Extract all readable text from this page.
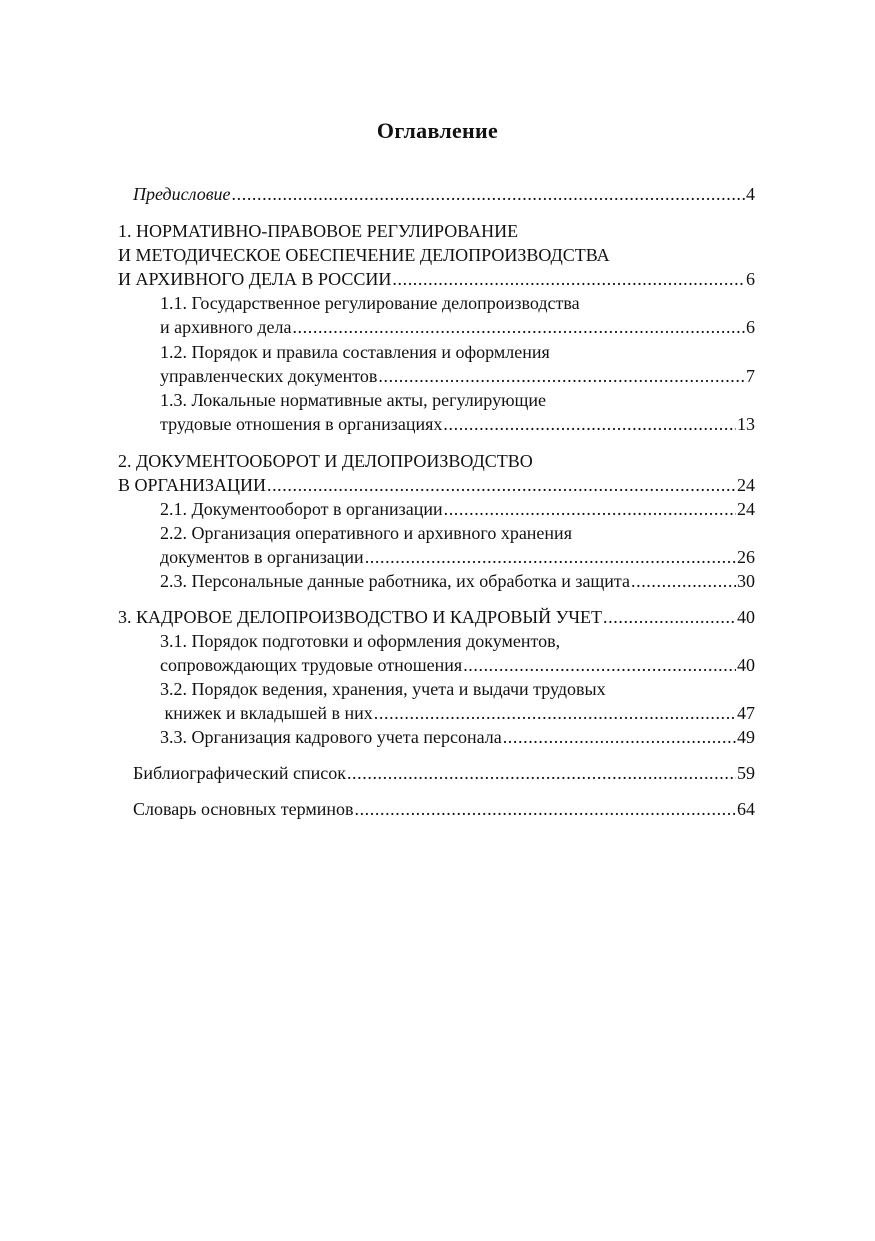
Оглавление
Предисловие .....	4
1. НОРМАТИВНО-ПРАВОВОЕ РЕГУЛИРОВАНИЕ
И МЕТОДИЧЕСКОЕ ОБЕСПЕЧЕНИЕ ДЕЛОПРОИЗВОДСТВА
И АРХИВНОГО ДЕЛА В РОССИИ .....	6
1.1. Государственное регулирование делопроизводства
и архивного дела .....	6
1.2. Порядок и правила составления и оформления
управленческих документов .....	7
1.3. Локальные нормативные акты, регулирующие
трудовые отношения в организациях .....	13
2. ДОКУМЕНТООБОРОТ И ДЕЛОПРОИЗВОДСТВО
В ОРГАНИЗАЦИИ .....	24
2.1. Документооборот в организации .....	24
2.2. Организация оперативного и архивного хранения
документов в организации .....	26
2.3. Персональные данные работника, их обработка и защита .....	30
3. КАДРОВОЕ ДЕЛОПРОИЗВОДСТВО И КАДРОВЫЙ УЧЕТ .....	40
3.1. Порядок подготовки и оформления документов,
сопровождающих трудовые отношения .....	40
3.2. Порядок ведения, хранения, учета и выдачи трудовых
книжек и вкладышей в них .....	47
3.3. Организация кадрового учета персонала .....	49
Библиографический список .....	59
Словарь основных терминов .....	64
